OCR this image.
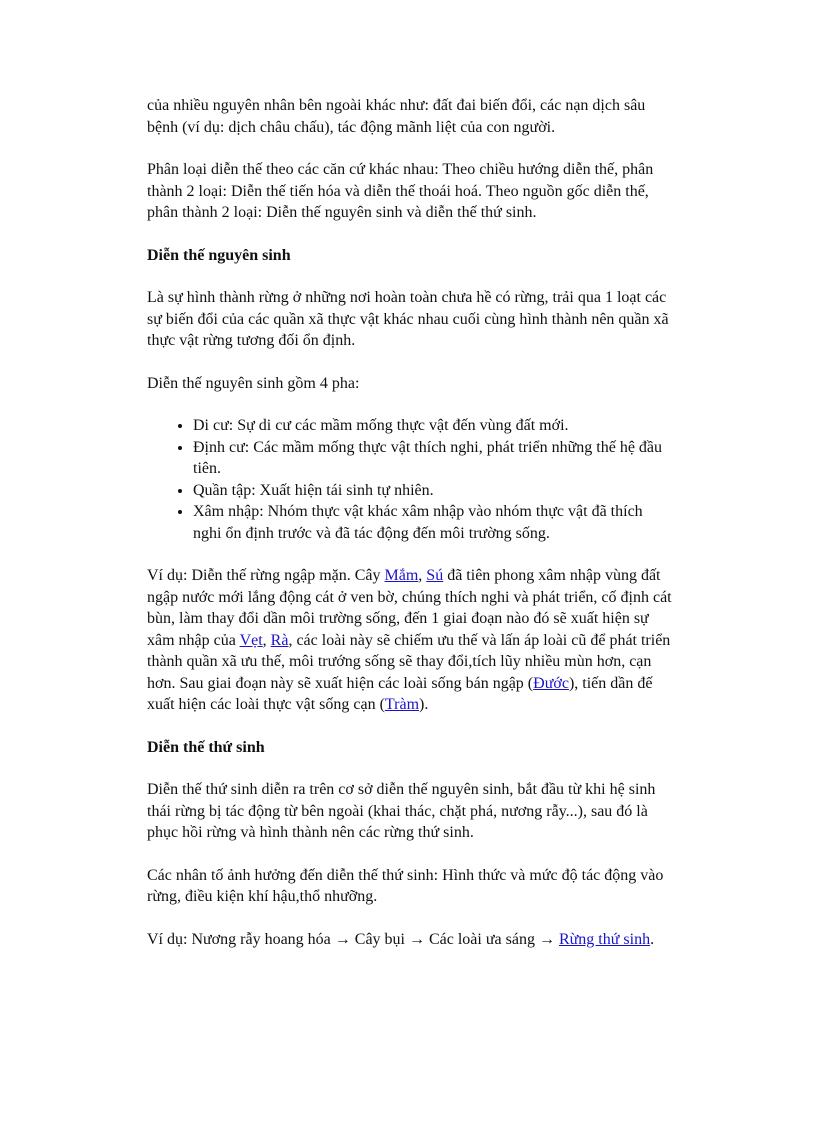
của nhiều nguyên nhân bên ngoài khác như: đất đai biến đổi, các nạn dịch sâu bệnh (ví dụ: dịch châu chấu), tác động mãnh liệt của con người.

Phân loại diễn thế theo các căn cứ khác nhau: Theo chiều hướng diễn thế, phân thành 2 loại: Diễn thế tiến hóa và diễn thế thoái hoá. Theo nguồn gốc diễn thế, phân thành 2 loại: Diễn thế nguyên sinh và diễn thế thứ sinh.

Diễn thế nguyên sinh

Là sự hình thành rừng ở những nơi hoàn toàn chưa hề có rừng, trải qua 1 loạt các sự biến đổi của các quần xã thực vật khác nhau cuối cùng hình thành nên quần xã thực vật rừng tương đối ổn định.

Diễn thế nguyên sinh gồm 4 pha:

• Di cư: Sự di cư các mầm mống thực vật đến vùng đất mới.
• Định cư: Các mầm mống thực vật thích nghi, phát triển những thế hệ đầu tiên.
• Quần tập: Xuất hiện tái sinh tự nhiên.
• Xâm nhập: Nhóm thực vật khác xâm nhập vào nhóm thực vật đã thích nghi ổn định trước và đã tác động đến môi trường sống.

Ví dụ: Diễn thế rừng ngập mặn. Cây Mắm, Sú đã tiên phong xâm nhập vùng đất ngập nước mới lắng động cát ở ven bờ, chúng thích nghi và phát triển, cố định cát bùn, làm thay đổi dần môi trường sống, đến 1 giai đoạn nào đó sẽ xuất hiện sự xâm nhập của Vẹt, Rà, các loài này sẽ chiếm ưu thế và lấn áp loài cũ để phát triển thành quần xã ưu thế, môi trướng sống sẽ thay đổi,tích lũy nhiều mùn hơn, cạn hơn. Sau giai đoạn này sẽ xuất hiện các loài sống bán ngập (Đước), tiến dần đế xuất hiện các loài thực vật sống cạn (Tràm).

Diễn thế thứ sinh

Diễn thế thứ sinh diễn ra trên cơ sở diễn thế nguyên sinh, bắt đầu từ khi hệ sinh thái rừng bị tác động từ bên ngoài (khai thác, chặt phá, nương rẫy...), sau đó là phục hồi rừng và hình thành nên các rừng thứ sinh.

Các nhân tố ảnh hưởng đến diễn thế thứ sinh: Hình thức và mức độ tác động vào rừng, điều kiện khí hậu,thổ nhưỡng.

Ví dụ: Nương rẫy hoang hóa → Cây bụi → Các loài ưa sáng → Rừng thứ sinh.
